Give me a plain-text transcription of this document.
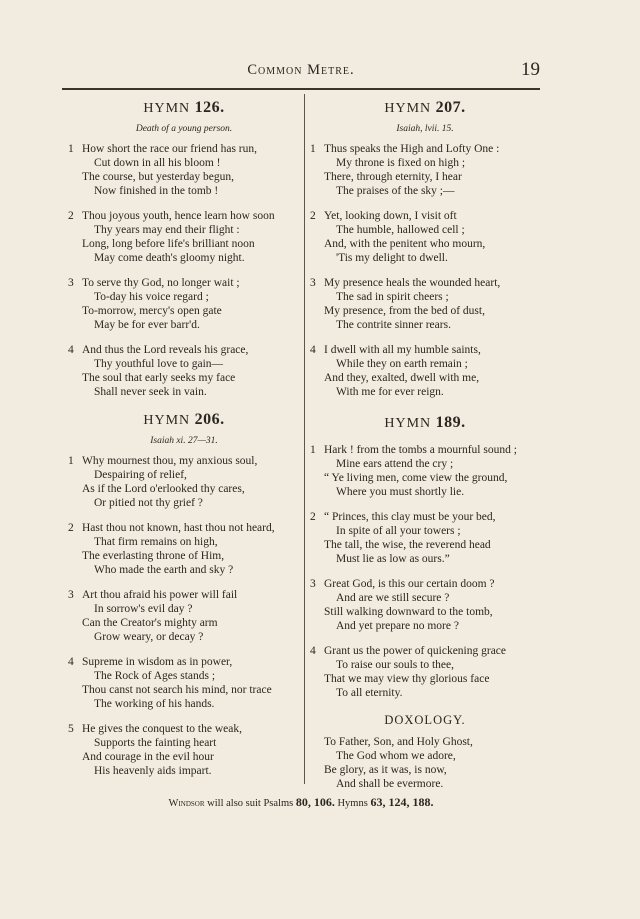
Common Metre.	19
HYMN 126.
Death of a young person.
1 How short the race our friend has run,
Cut down in all his bloom !
The course, but yesterday begun,
Now finished in the tomb !
2 Thou joyous youth, hence learn how soon
Thy years may end their flight :
Long, long before life's brilliant noon
May come death's gloomy night.
3 To serve thy God, no longer wait ;
To-day his voice regard ;
To-morrow, mercy's open gate
May be for ever barr'd.
4 And thus the Lord reveals his grace,
Thy youthful love to gain—
The soul that early seeks my face
Shall never seek in vain.
HYMN 206.
Isaiah xi. 27—31.
1 Why mournest thou, my anxious soul,
Despairing of relief,
As if the Lord o'erlooked thy cares,
Or pitied not thy grief ?
2 Hast thou not known, hast thou not heard,
That firm remains on high,
The everlasting throne of Him,
Who made the earth and sky ?
3 Art thou afraid his power will fail
In sorrow's evil day ?
Can the Creator's mighty arm
Grow weary, or decay ?
4 Supreme in wisdom as in power,
The Rock of Ages stands ;
Thou canst not search his mind, nor trace
The working of his hands.
5 He gives the conquest to the weak,
Supports the fainting heart
And courage in the evil hour
His heavenly aids impart.
HYMN 207.
Isaiah, lvii. 15.
1 Thus speaks the High and Lofty One :
My throne is fixed on high ;
There, through eternity, I hear
The praises of the sky ;—
2 Yet, looking down, I visit oft
The humble, hallowed cell ;
And, with the penitent who mourn,
'Tis my delight to dwell.
3 My presence heals the wounded heart,
The sad in spirit cheers ;
My presence, from the bed of dust,
The contrite sinner rears.
4 I dwell with all my humble saints,
While they on earth remain ;
And they, exalted, dwell with me,
With me for ever reign.
HYMN 189.
1 Hark ! from the tombs a mournful sound ;
Mine ears attend the cry ;
“ Ye living men, come view the ground,
Where you must shortly lie.
2 “ Princes, this clay must be your bed,
In spite of all your towers ;
The tall, the wise, the reverend head
Must lie as low as ours.”
3 Great God, is this our certain doom ?
And are we still secure ?
Still walking downward to the tomb,
And yet prepare no more ?
4 Grant us the power of quickening grace
To raise our souls to thee,
That we may view thy glorious face
To all eternity.
DOXOLOGY.
To Father, Son, and Holy Ghost,
The God whom we adore,
Be glory, as it was, is now,
And shall be evermore.
Windsor will also suit Psalms 80, 106. Hymns 63, 124, 188.
